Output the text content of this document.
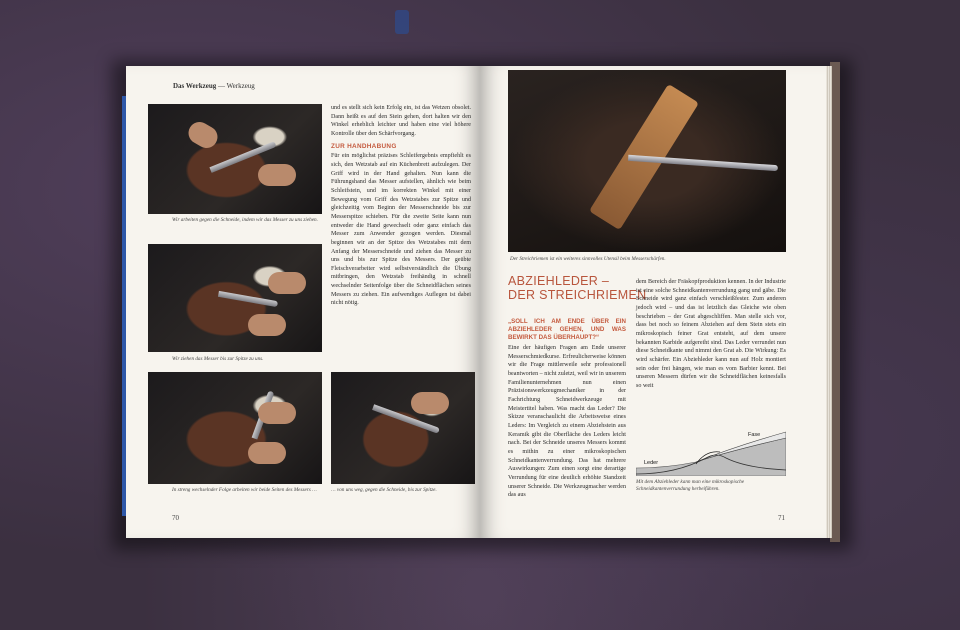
Das Werkzeug — Werkzeug
Wir arbeiten gegen die Schneide, indem wir das Messer zu uns ziehen.
Wir ziehen das Messer bis zur Spitze zu uns.
In streng wechselnder Folge arbeiten wir beide Seiten des Messers …	… von uns weg, gegen die Schneide, bis zur Spitze.

und es stellt sich kein Erfolg ein, ist das Wetzen obsolet. Dann heißt es auf den Stein gehen, dort halten wir den Winkel erheblich leichter und haben eine viel höhere Kontrolle über den Schärfvorgang.

ZUR HANDHABUNG

Für ein möglichst präzises Schleifergebnis empfiehlt es sich, den Wetzstab auf ein Küchenbrett aufzulegen. Der Griff wird in der Hand gehalten. Nun kann die Führungshand das Messer aufstellen, ähnlich wie beim Schleifstein, und im korrekten Winkel mit einer Bewegung vom Griff des Wetzstabes zur Spitze und gleichzeitig vom Beginn der Messerschneide bis zur Messerspitze schieben. Für die zweite Seite kann nun entweder die Hand gewechselt oder ganz einfach das Messer zum Anwender gezogen werden. Diesmal beginnen wir an der Spitze des Wetzstabes mit dem Anfang der Messerschneide und ziehen das Messer zu uns und bis zur Spitze des Messers. Der geübte Fleischverarbeiter wird selbstverständlich die Übung mitbringen, den Wetzstab freihändig in schnell wechselnder Seitenfolge über die Schneidflächen seines Messers zu ziehen. Ein aufwendiges Auflegen ist dabei nicht nötig.

70
Der Streichriemen ist ein weiteres sinnvolles Utensil beim Messerschärfen.
ABZIEHLEDER –
DER STREICHRIEMEN
„SOLL ICH AM ENDE ÜBER EIN ABZIEHLEDER GEHEN, UND WAS BEWIRKT DAS ÜBERHAUPT?“

Eine der häufigen Fragen am Ende unserer Messerschmiedkurse. Erfreulicherweise können wir die Frage mittlerweile sehr professionell beantworten – nicht zuletzt, weil wir in unserem Familienunternehmen nun einen Präzisionswerkzeugmechaniker in der Fachrichtung Schneidwerkzeuge mit Meistertitel haben. Was macht das Leder? Die Skizze veranschaulicht die Arbeitsweise eines Leders: Im Vergleich zu einem Abziehstein aus Keramik gibt die Oberfläche des Leders leicht nach. Bei der Schneide unseres Messers kommt es mithin zu einer mikroskopischen Schneidkantenverrundung. Das hat mehrere Auswirkungen: Zum einen sorgt eine derartige Verrundung für eine deutlich erhöhte Standzeit unserer Schneide. Die Werkzeugmacher werden das aus

dem Bereich der Fräskopfproduktion kennen. In der Industrie ist eine solche Schneidkantenverrundung gang und gäbe. Die Schneide wird ganz einfach verschleißfester. Zum anderen jedoch wird – und das ist letztlich das Gleiche wie oben beschrieben – der Grat abgeschliffen. Man stelle sich vor, dass bei noch so feinem Abziehen auf dem Stein stets ein mikroskopisch feiner Grat entsteht, auf dem unsere bekannten Karbide aufgereiht sind. Das Leder verrundet nun diese Schneidkante und nimmt den Grat ab. Die Wirkung: Es wird schärfer. Ein Abziehleder kann nun auf Holz montiert sein oder frei hängen, wie man es vom Barbier kennt. Bei unseren Messern dürfen wir die Schneidflächen keinesfalls so weit

Fase
Leder
Mit dem Abziehleder kann man eine mikroskopische Schneidkantenverrundung herbeiführen.
71
